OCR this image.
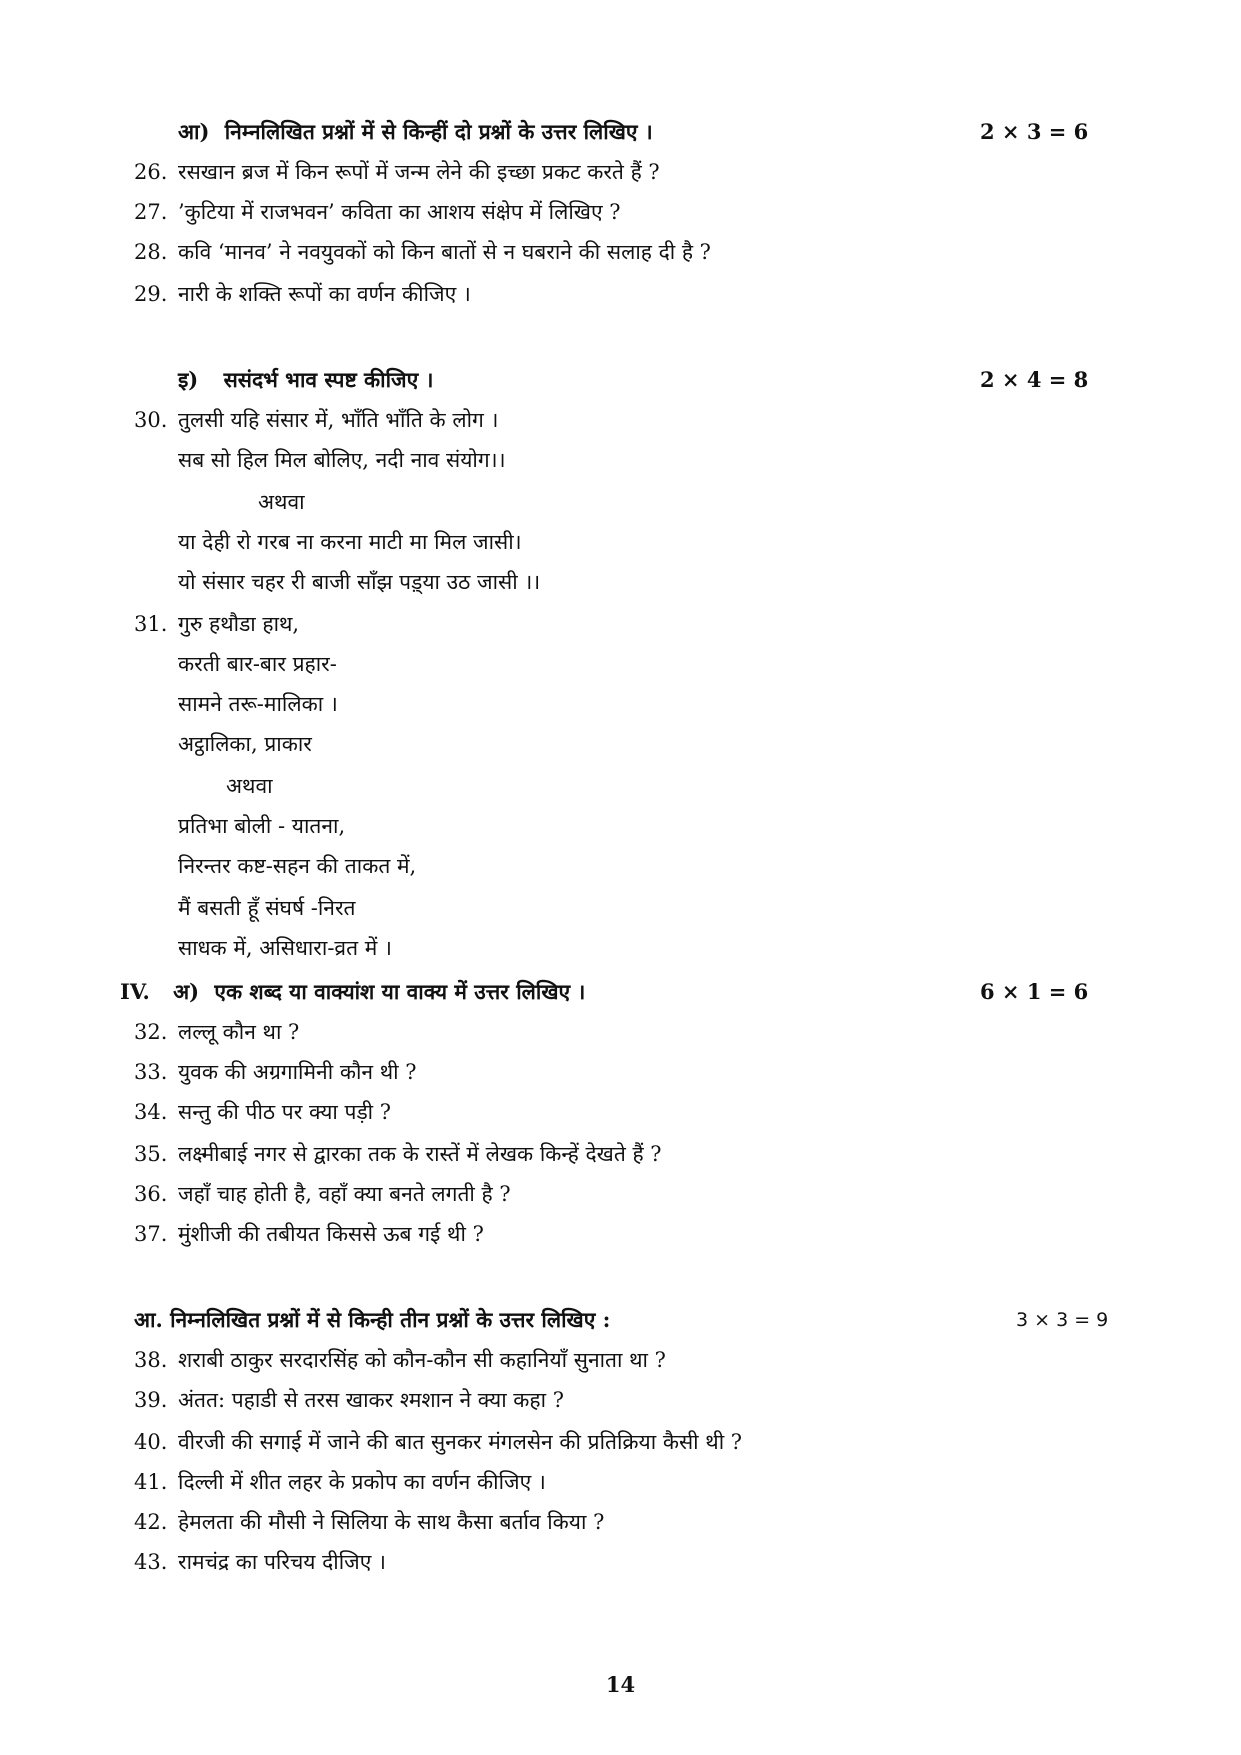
आ) निम्नलिखित प्रश्नों में से किन्हीं दो प्रश्नों के उत्तर लिखिए ।	2 × 3 = 6
26. रसखान ब्रज में किन रूपों में जन्म लेने की इच्छा प्रकट करते हैं ?
27. ’कुटिया में राजभवन’ कविता का आशय संक्षेप में लिखिए ?
28. कवि ‘मानव’ ने नवयुवकों को किन बातों से न घबराने की सलाह दी है ?
29. नारी के शक्ति रूपों का वर्णन कीजिए ।
इ) ससंदर्भ भाव स्पष्ट कीजिए ।	2 × 4 = 8
30. तुलसी यहि संसार में, भाँति भाँति के लोग ।
सब सो हिल मिल बोलिए, नदी नाव संयोग।।
अथवा
या देही रो गरब ना करना माटी मा मिल जासी।
यो संसार चहर री बाजी साँझ पड़्या उठ जासी ।।
31. गुरु हथौडा हाथ,
करती बार-बार प्रहार-
सामने तरू-मालिका ।
अट्ठालिका, प्राकार
अथवा
प्रतिभा बोली - यातना,
निरन्तर कष्ट-सहन की ताकत में,
मैं बसती हूँ संघर्ष -निरत
साधक में, असिधारा-व्रत में ।
IV. अ) एक शब्द या वाक्यांश या वाक्य में उत्तर लिखिए ।	6 × 1 = 6
32. लल्लू कौन था ?
33. युवक की अग्रगामिनी कौन थी ?
34. सन्तु की पीठ पर क्या पड़ी ?
35. लक्ष्मीबाई नगर से द्वारका तक के रास्तें में लेखक किन्हें देखते हैं ?
36. जहाँ चाह होती है, वहाँ क्या बनते लगती है ?
37. मुंशीजी की तबीयत किससे ऊब गई थी ?
आ. निम्नलिखित प्रश्नों में से किन्ही तीन प्रश्नों के उत्तर लिखिए :	3 × 3 = 9
38. शराबी ठाकुर सरदारसिंह को कौन-कौन सी कहानियाँ सुनाता था ?
39. अंतत: पहाडी से तरस खाकर श्मशान ने क्या कहा ?
40. वीरजी की सगाई में जाने की बात सुनकर मंगलसेन की प्रतिक्रिया कैसी थी ?
41. दिल्ली में शीत लहर के प्रकोप का वर्णन कीजिए ।
42. हेमलता की मौसी ने सिलिया के साथ कैसा बर्ताव किया ?
43. रामचंद्र का परिचय दीजिए ।
14
